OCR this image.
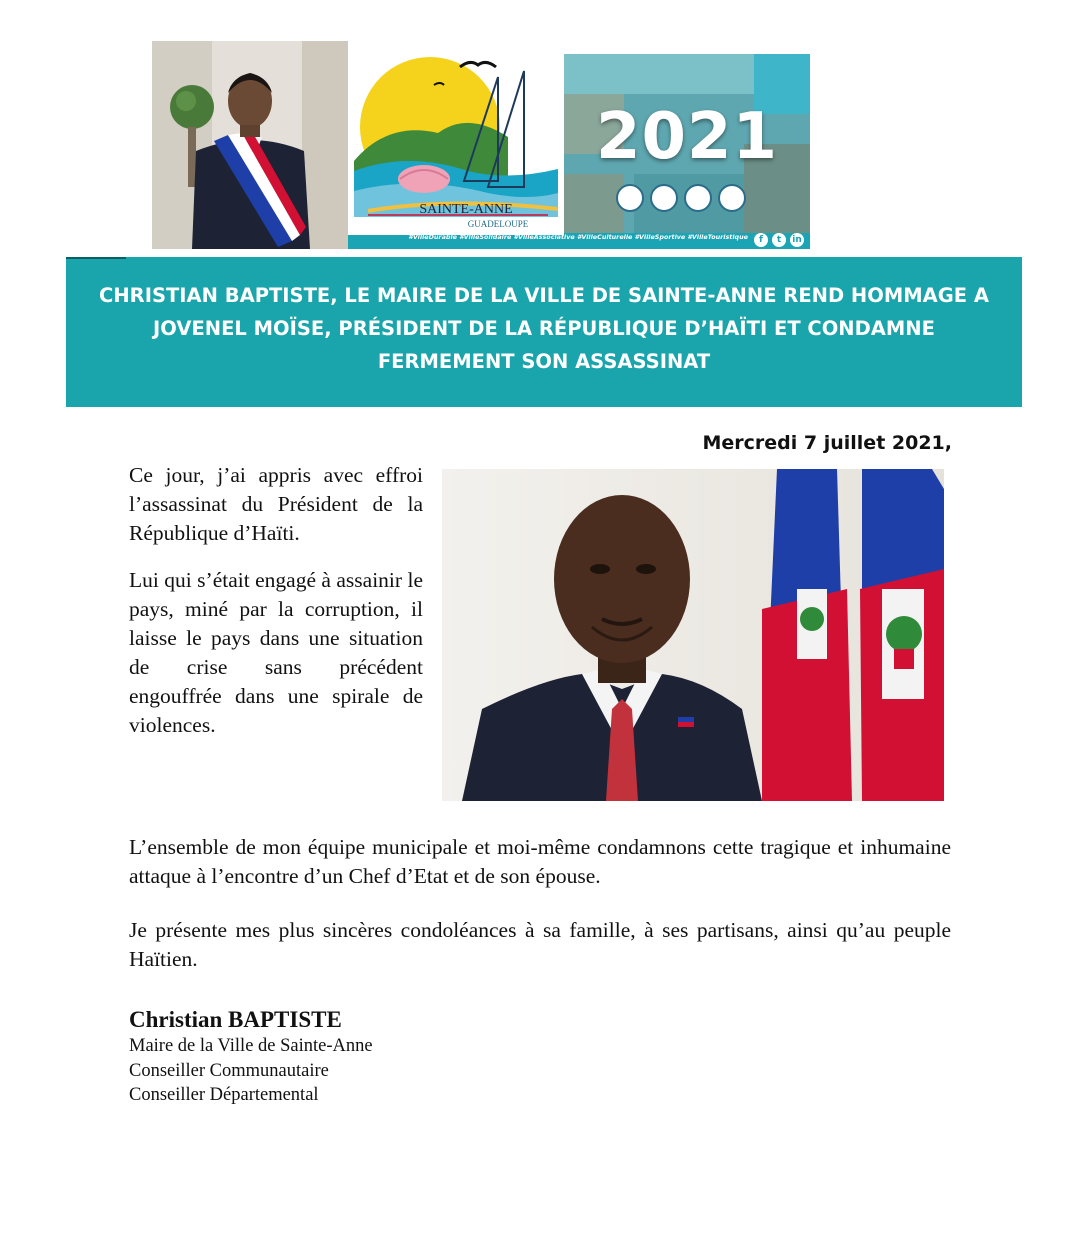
SAINTE-ANNE
GUADELOUPE
2021
#VilleDurable #VilleSolidaire #VilleAssociative #VilleCulturelle #VilleSportive #VilleTouristique	f	t	in
CHRISTIAN BAPTISTE, LE MAIRE DE LA VILLE DE SAINTE-ANNE REND HOMMAGE A JOVENEL MOÏSE, PRÉSIDENT DE LA RÉPUBLIQUE D’HAÏTI ET CONDAMNE FERMEMENT SON ASSASSINAT
Mercredi 7 juillet 2021,

Ce jour, j’ai appris avec effroi l’assassinat du Président de la République d’Haïti.

Lui qui s’était engagé à assainir le pays, miné par la corruption, il laisse le pays dans une situation de crise sans précédent engouffrée dans une spirale de violences.

L’ensemble de mon équipe municipale et moi-même condamnons cette tragique et inhumaine attaque à l’encontre d’un Chef d’Etat et de son épouse.

Je présente mes plus sincères condoléances à sa famille, à ses partisans, ainsi qu’au peuple Haïtien.

Christian BAPTISTE

Maire de la Ville de Sainte-Anne

Conseiller Communautaire

Conseiller Départemental
